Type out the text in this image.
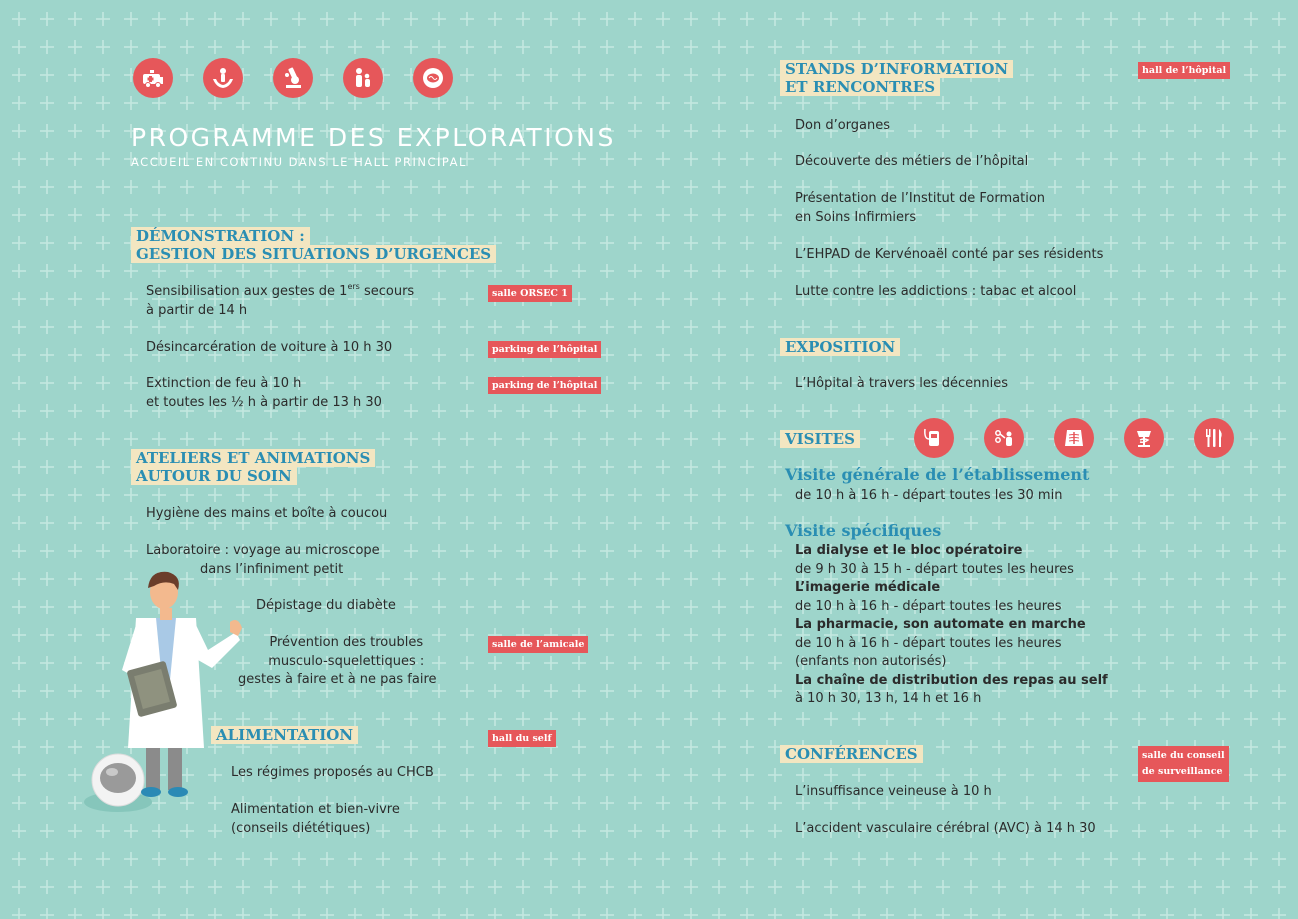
PROGRAMME DES EXPLORATIONS
ACCUEIL EN CONTINU DANS LE HALL PRINCIPAL
DÉMONSTRATION :
GESTION DES SITUATIONS D’URGENCES
Sensibilisation aux gestes de 1ers secours
à partir de 14 h
salle ORSEC 1
Désincarcération de voiture à 10 h 30	parking de l’hôpital
Extinction de feu à 10 h
et toutes les ½ h à partir de 13 h 30
parking de l’hôpital
ATELIERS ET ANIMATIONS
AUTOUR DU SOIN
Hygiène des mains et boîte à coucou
Laboratoire : voyage au microscope
dans l’infiniment petit
Dépistage du diabète
Prévention des troubles
musculo-squelettiques :
gestes à faire et à ne pas faire
salle de l’amicale
ALIMENTATION	hall du self
Les régimes proposés au CHCB
Alimentation et bien-vivre
(conseils diététiques)
STANDS D’INFORMATION
ET RENCONTRES
hall de l’hôpital
Don d’organes
Découverte des métiers de l’hôpital
Présentation de l’Institut de Formation
en Soins Infirmiers
L’EHPAD de Kervénoaël conté par ses résidents
Lutte contre les addictions : tabac et alcool
EXPOSITION
L’Hôpital à travers les décennies
VISITES
Visite générale de l’établissement
de 10 h à 16 h - départ toutes les 30 min
Visite spécifiques
La dialyse et le bloc opératoire
de 9 h 30 à 15 h - départ toutes les heures
L’imagerie médicale
de 10 h à 16 h - départ toutes les heures
La pharmacie, son automate en marche
de 10 h à 16 h - départ toutes les heures
(enfants non autorisés)
La chaîne de distribution des repas au self
à 10 h 30, 13 h, 14 h et 16 h
CONFÉRENCES	salle du conseil
de surveillance
L’insuffisance veineuse à 10 h
L’accident vasculaire cérébral (AVC) à 14 h 30
